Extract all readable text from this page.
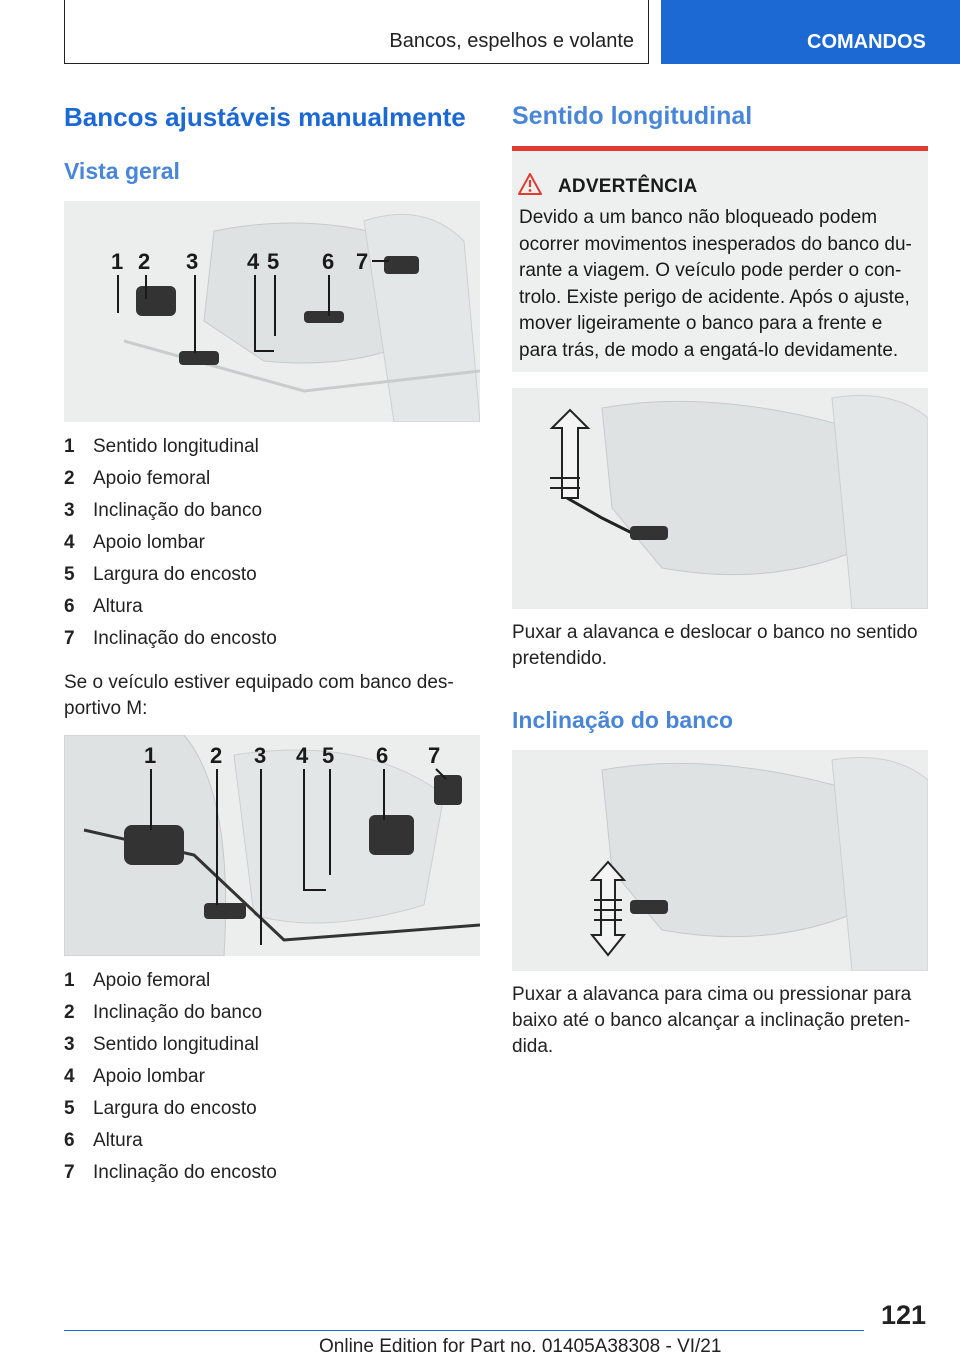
Bancos, espelhos e volante	COMANDOS
Bancos ajustáveis manualmente
Vista geral
1 2 3 4 5 6 7
1 Sentido longitudinal
2 Apoio femoral
3 Inclinação do banco
4 Apoio lombar
5 Largura do encosto
6 Altura
7 Inclinação do encosto

Se o veículo estiver equipado com banco des-
portivo M:

1 2 3 4 5 6 7
1 Apoio femoral
2 Inclinação do banco
3 Sentido longitudinal
4 Apoio lombar
5 Largura do encosto
6 Altura
7 Inclinação do encosto
Sentido longitudinal
ADVERTÊNCIA

Devido a um banco não bloqueado podem
ocorrer movimentos inesperados do banco du-
rante a viagem. O veículo pode perder o con-
trolo. Existe perigo de acidente. Após o ajuste,
mover ligeiramente o banco para a frente e
para trás, de modo a engatá-lo devidamente.

Puxar a alavanca e deslocar o banco no sentido
pretendido.

Inclinação do banco

Puxar a alavanca para cima ou pressionar para
baixo até o banco alcançar a inclinação preten-
dida.

121
Online Edition for Part no. 01405A38308 - VI/21
